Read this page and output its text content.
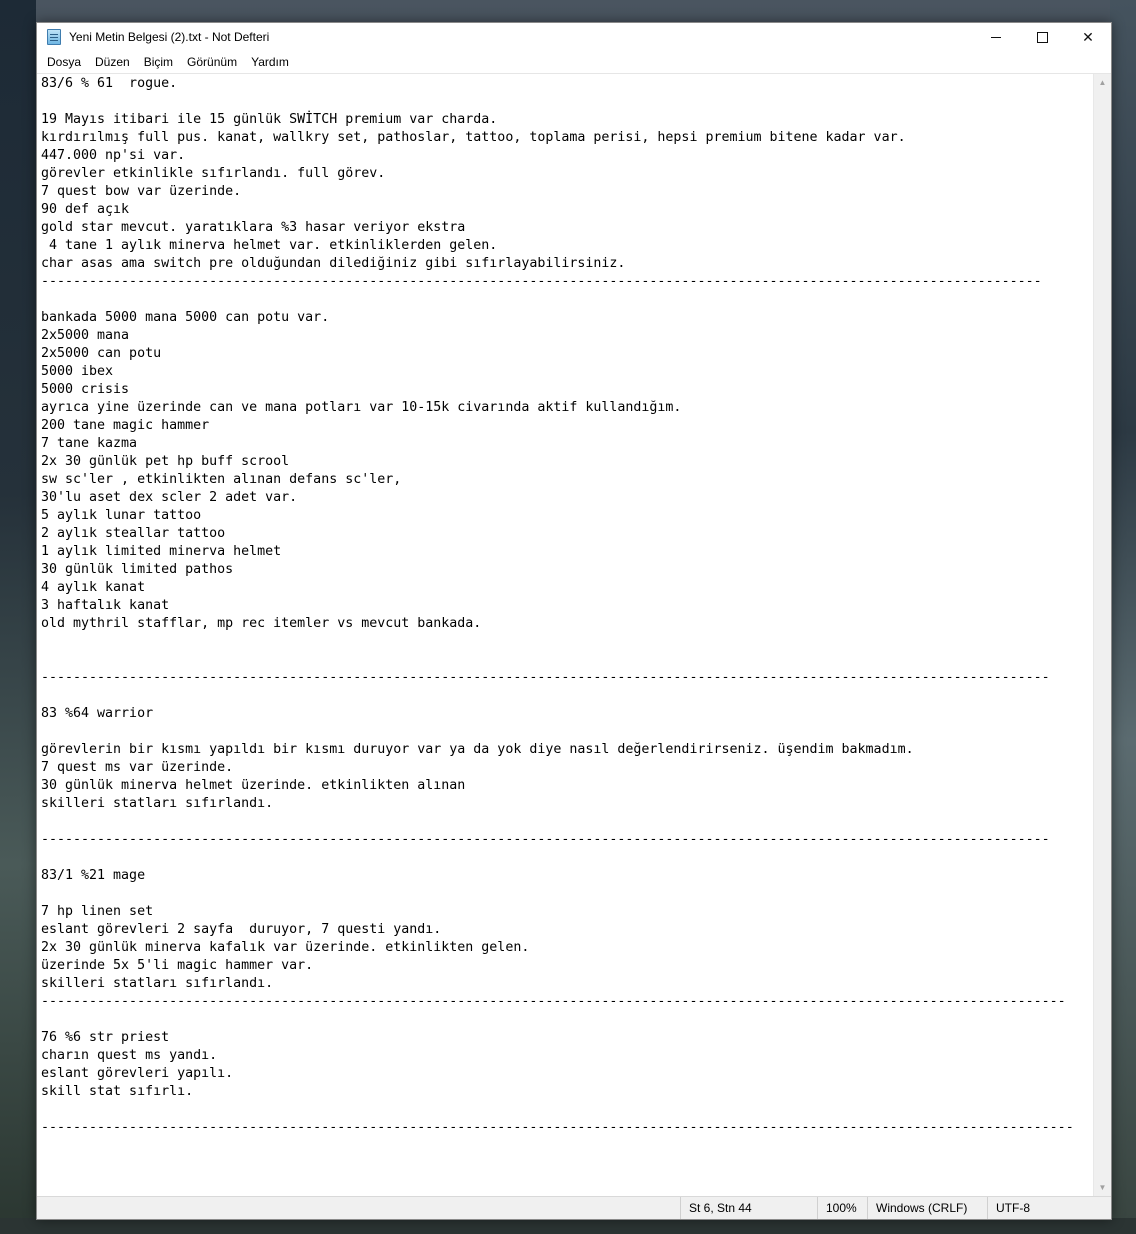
Yeni Metin Belgesi (2).txt - Not Defteri	✕
Dosya	Düzen	Biçim	Görünüm	Yardım
83/6 % 61  rogue.
19 Mayıs itibari ile 15 günlük SWİTCH premium var charda.
kırdırılmış full pus. kanat, wallkry set, pathoslar, tattoo, toplama perisi, hepsi premium bitene kadar var.
447.000 np'si var.
görevler etkinlikle sıfırlandı. full görev.
7 quest bow var üzerinde.
90 def açık
gold star mevcut. yaratıklara %3 hasar veriyor ekstra
4 tane 1 aylık minerva helmet var. etkinliklerden gelen.
char asas ama switch pre olduğundan dilediğiniz gibi sıfırlayabilirsiniz.
-----------------------------------------------------------------------------------------------------------------------------
bankada 5000 mana 5000 can potu var.
2x5000 mana
2x5000 can potu
5000 ibex
5000 crisis
ayrıca yine üzerinde can ve mana potları var 10-15k civarında aktif kullandığım.
200 tane magic hammer
7 tane kazma
2x 30 günlük pet hp buff scrool
sw sc'ler , etkinlikten alınan defans sc'ler,
30'lu aset dex scler 2 adet var.
5 aylık lunar tattoo
2 aylık steallar tattoo
1 aylık limited minerva helmet
30 günlük limited pathos
4 aylık kanat
3 haftalık kanat
old mythril stafflar, mp rec itemler vs mevcut bankada.
------------------------------------------------------------------------------------------------------------------------------
83 %64 warrior
görevlerin bir kısmı yapıldı bir kısmı duruyor var ya da yok diye nasıl değerlendirirseniz. üşendim bakmadım.
7 quest ms var üzerinde.
30 günlük minerva helmet üzerinde. etkinlikten alınan
skilleri statları sıfırlandı.
------------------------------------------------------------------------------------------------------------------------------
83/1 %21 mage
7 hp linen set
eslant görevleri 2 sayfa  duruyor, 7 questi yandı.
2x 30 günlük minerva kafalık var üzerinde. etkinlikten gelen.
üzerinde 5x 5'li magic hammer var.
skilleri statları sıfırlandı.
--------------------------------------------------------------------------------------------------------------------------------
76 %6 str priest
charın quest ms yandı.
eslant görevleri yapılı.
skill stat sıfırlı.
---------------------------------------------------------------------------------------------------------------------------------
▲
▼
St 6, Stn 44	100%	Windows (CRLF)	UTF-8
